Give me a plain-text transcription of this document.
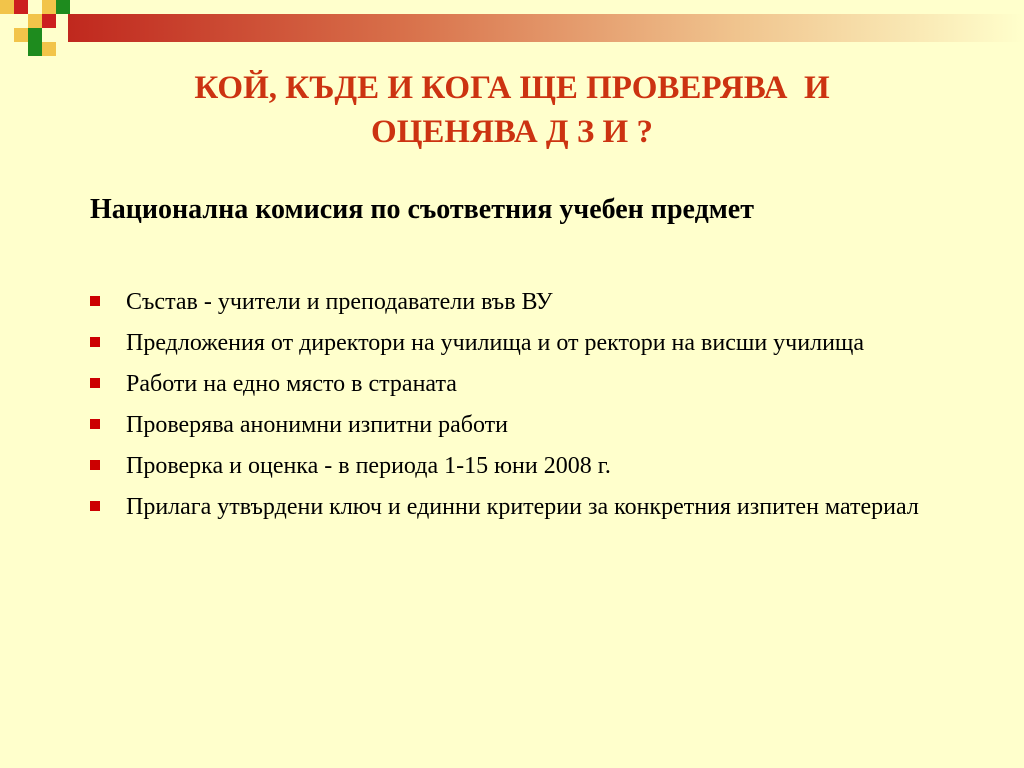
КОЙ, КЪДЕ И КОГА ЩЕ ПРОВЕРЯВА  И
ОЦЕНЯВА Д З И ?
Национална комисия по съответния учебен предмет
Състав - учители и преподаватели във ВУ
Предложения от директори на училища и от ректори на висши училища
Работи на едно място в страната
Проверява анонимни изпитни работи
Проверка и оценка - в периода 1-15 юни 2008 г.
Прилага утвърдени ключ и единни критерии за конкретния изпитен материал
